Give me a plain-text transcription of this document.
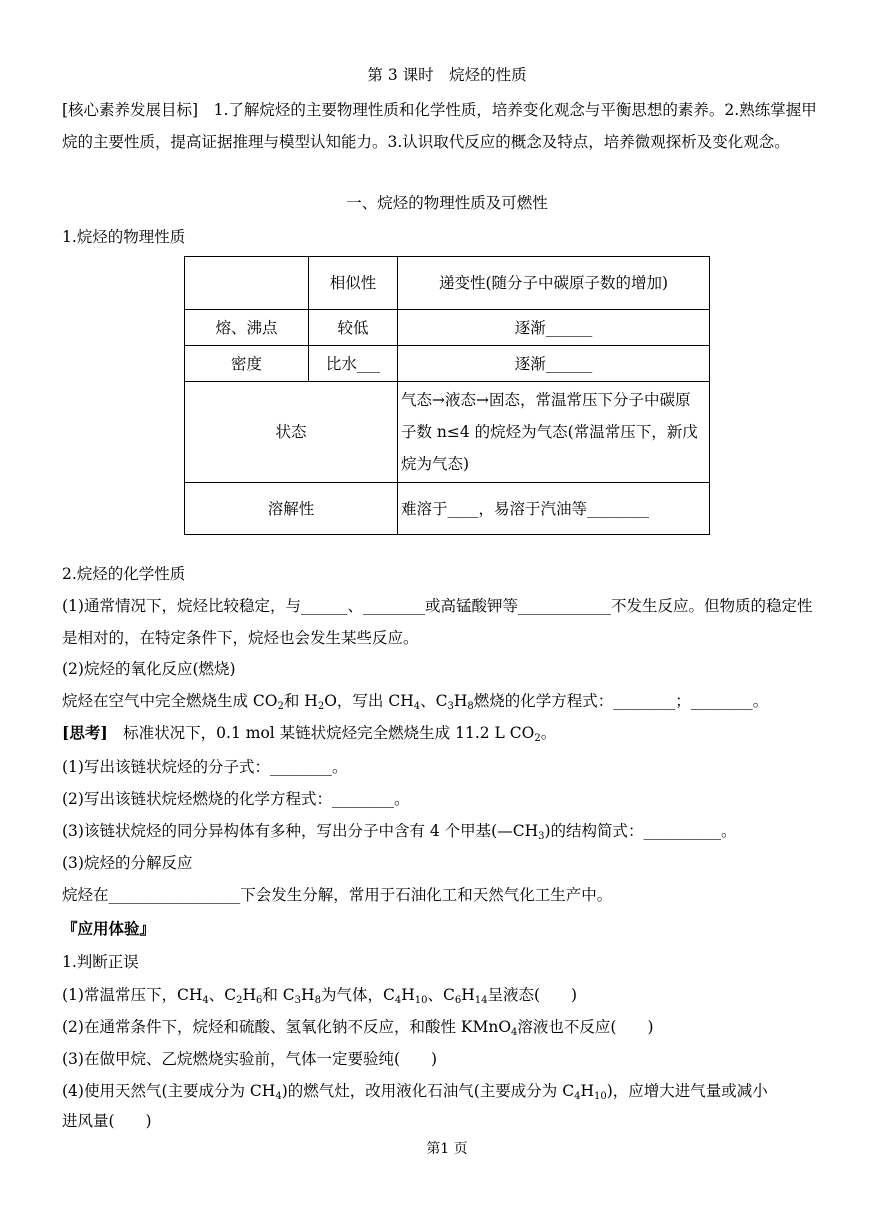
第 3 课时　烷烃的性质
[核心素养发展目标]　1.了解烷烃的主要物理性质和化学性质，培养变化观念与平衡思想的素养。2.熟练掌握甲烷的主要性质，提高证据推理与模型认知能力。3.认识取代反应的概念及特点，培养微观探析及变化观念。
一、烷烃的物理性质及可燃性
1.烷烃的物理性质
	相似性	递变性(随分子中碳原子数的增加)
熔、沸点	较低	逐渐______
密度	比水___	逐渐______
状态		气态→液态→固态，常温常压下分子中碳原子数 n≤4 的烷烃为气态(常温常压下，新戊烷为气态)
溶解性		难溶于____，易溶于汽油等________
2.烷烃的化学性质
(1)通常情况下，烷烃比较稳定，与______、________或高锰酸钾等____________不发生反应。但物质的稳定性是相对的，在特定条件下，烷烃也会发生某些反应。
(2)烷烃的氧化反应(燃烧)
烷烃在空气中完全燃烧生成 $CO_2$和 $H_2O$，写出 $CH_4$、$C_3H_8$燃烧的化学方程式：________；________。
[思考]　标准状况下，0.1 mol 某链状烷烃完全燃烧生成 11.2 L $CO_2$。
(1)写出该链状烷烃的分子式：________。
(2)写出该链状烷烃燃烧的化学方程式：________。
(3)该链状烷烃的同分异构体有多种，写出分子中含有 4 个甲基$(—CH_3)$的结构简式：__________。
(3)烷烃的分解反应
烷烃在_________________下会发生分解，常用于石油化工和天然气化工生产中。
『应用体验』
1.判断正误
(1)常温常压下，$CH_4$、$C_2H_6$和 $C_3H_8$为气体，$C_4H_{10}$、$C_6H_{14}$呈液态(　　)
(2)在通常条件下，烷烃和硫酸、氢氧化钠不反应，和酸性 KMnO$_4$溶液也不反应(　　)
(3)在做甲烷、乙烷燃烧实验前，气体一定要验纯(　　)
(4)使用天然气(主要成分为 $CH_4$)的燃气灶，改用液化石油气(主要成分为 $C_4H_{10}$)，应增大进气量或减小
进风量(　　)
第1 页
